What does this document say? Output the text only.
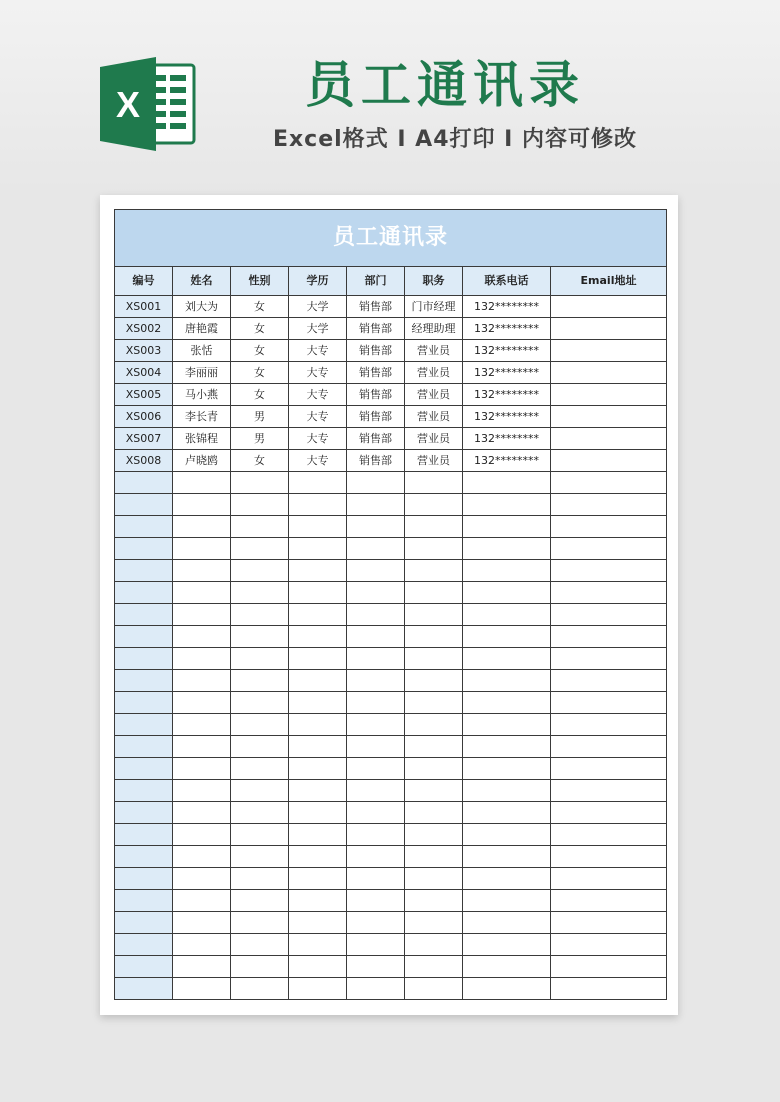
X	员工通讯录
Excel格式 I A4打印 I 内容可修改
员工通讯录							
编号	姓名	性别	学历	部门	职务	联系电话	Email地址
XS001	刘大为	女	大学	销售部	门市经理	132********	
XS002	唐艳霞	女	大学	销售部	经理助理	132********	
XS003	张恬	女	大专	销售部	营业员	132********	
XS004	李丽丽	女	大专	销售部	营业员	132********	
XS005	马小燕	女	大专	销售部	营业员	132********	
XS006	李长青	男	大专	销售部	营业员	132********	
XS007	张锦程	男	大专	销售部	营业员	132********	
XS008	卢晓鸥	女	大专	销售部	营业员	132********	
